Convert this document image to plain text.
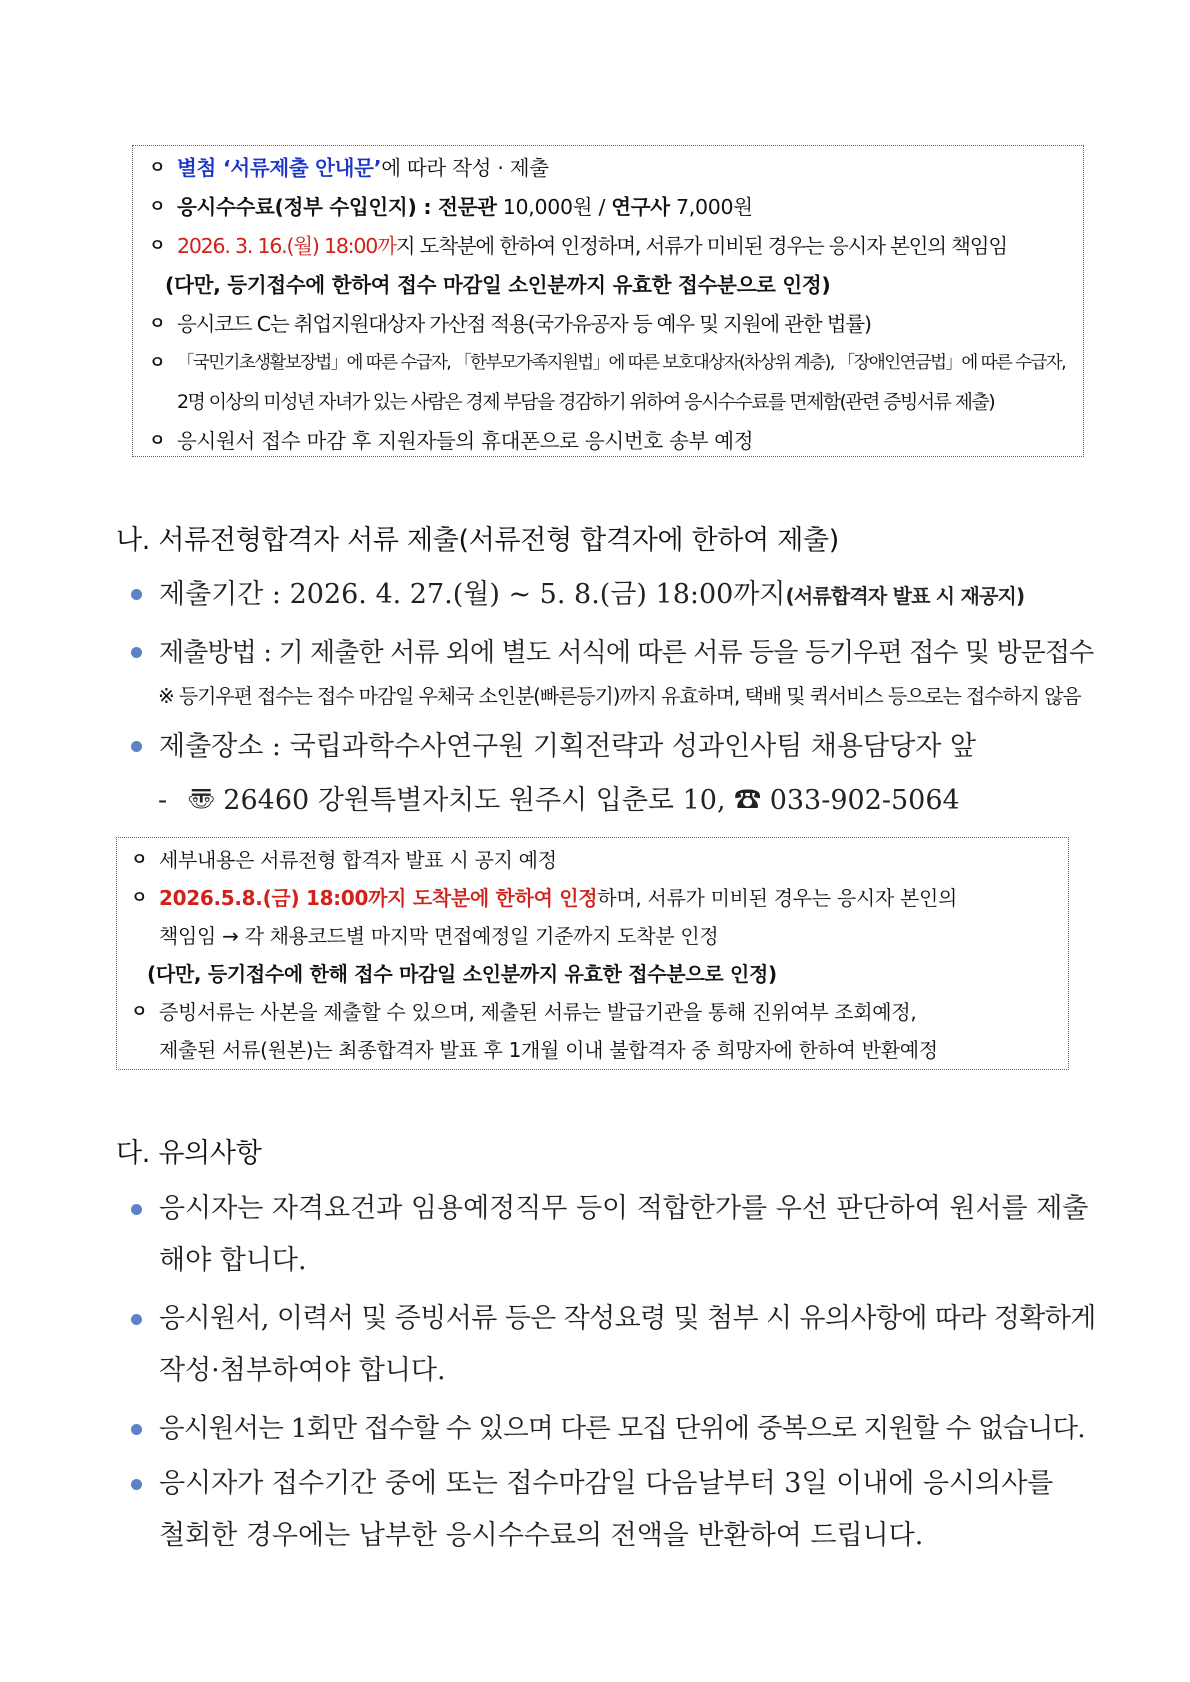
ㅇ 별첨 ‘서류제출 안내문’에 따라 작성 · 제출
ㅇ 응시수수료(정부 수입인지) : 전문관 10,000원 / 연구사 7,000원
ㅇ 2026. 3. 16.(월) 18:00까지 도착분에 한하여 인정하며, 서류가 미비된 경우는 응시자 본인의 책임임
(다만, 등기접수에 한하여 접수 마감일 소인분까지 유효한 접수분으로 인정)
ㅇ 응시코드 C는 취업지원대상자 가산점 적용(국가유공자 등 예우 및 지원에 관한 법률)
ㅇ 「국민기초생활보장법」에 따른 수급자, 「한부모가족지원법」에 따른 보호대상자(차상위 계층), 「장애인연금법」에 따른 수급자,
2명 이상의 미성년 자녀가 있는 사람은 경제 부담을 경감하기 위하여 응시수수료를 면제함(관련 증빙서류 제출)
ㅇ 응시원서 접수 마감 후 지원자들의 휴대폰으로 응시번호 송부 예정
나. 서류전형합격자 서류 제출(서류전형 합격자에 한하여 제출)
제출기간 : 2026. 4. 27.(월) ~ 5. 8.(금) 18:00까지(서류합격자 발표 시 재공지)
제출방법 : 기 제출한 서류 외에 별도 서식에 따른 서류 등을 등기우편 접수 및 방문접수
※ 등기우편 접수는 접수 마감일 우체국 소인분(빠른등기)까지 유효하며, 택배 및 퀵서비스 등으로는 접수하지 않음
제출장소 : 국립과학수사연구원 기획전략과 성과인사팀 채용담당자 앞
- 〠 26460 강원특별자치도 원주시 입춘로 10, ☎ 033-902-5064
ㅇ 세부내용은 서류전형 합격자 발표 시 공지 예정
ㅇ 2026.5.8.(금) 18:00까지 도착분에 한하여 인정하며, 서류가 미비된 경우는 응시자 본인의
책임임 → 각 채용코드별 마지막 면접예정일 기준까지 도착분 인정
(다만, 등기접수에 한해 접수 마감일 소인분까지 유효한 접수분으로 인정)
ㅇ 증빙서류는 사본을 제출할 수 있으며, 제출된 서류는 발급기관을 통해 진위여부 조회예정,
제출된 서류(원본)는 최종합격자 발표 후 1개월 이내 불합격자 중 희망자에 한하여 반환예정
다. 유의사항
응시자는 자격요건과 임용예정직무 등이 적합한가를 우선 판단하여 원서를 제출
해야 합니다.
응시원서, 이력서 및 증빙서류 등은 작성요령 및 첨부 시 유의사항에 따라 정확하게
작성·첨부하여야 합니다.
응시원서는 1회만 접수할 수 있으며 다른 모집 단위에 중복으로 지원할 수 없습니다.
응시자가 접수기간 중에 또는 접수마감일 다음날부터 3일 이내에 응시의사를
철회한 경우에는 납부한 응시수수료의 전액을 반환하여 드립니다.
